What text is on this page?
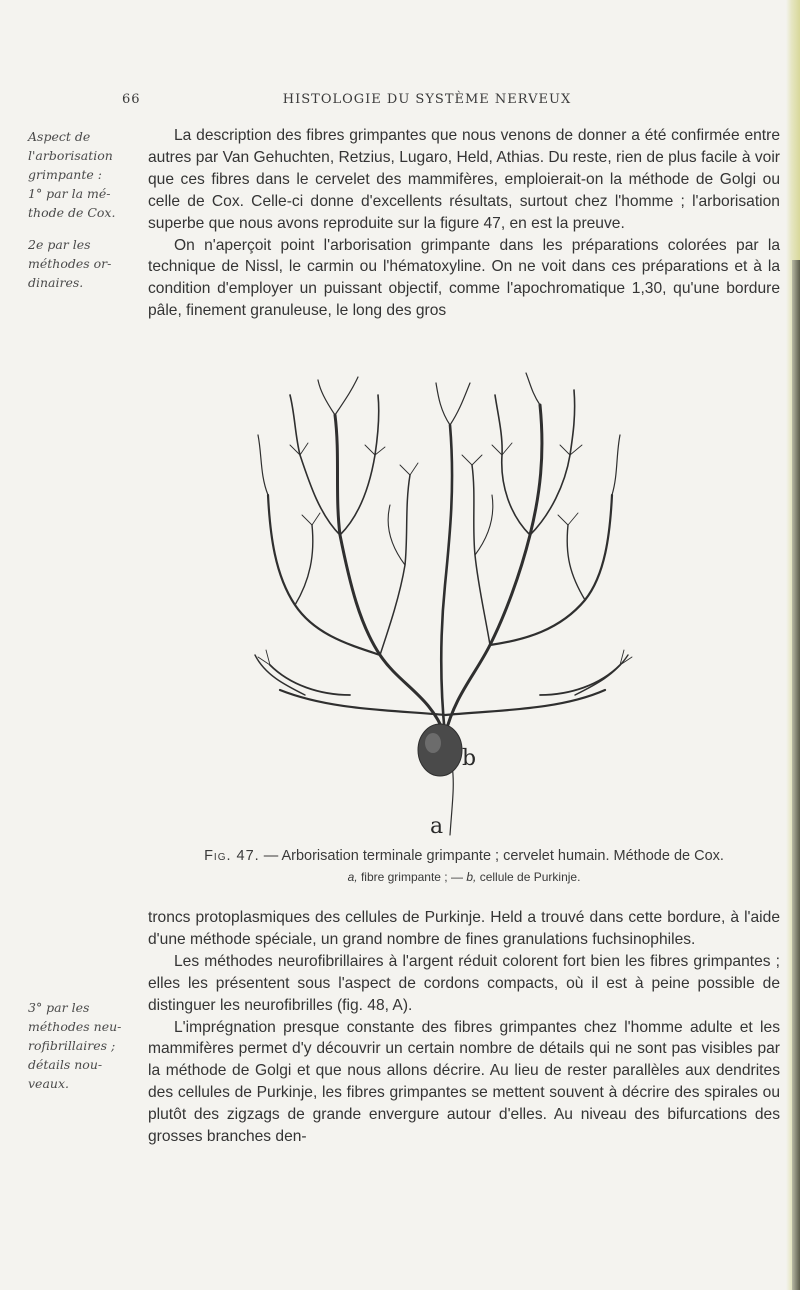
66	HISTOLOGIE DU SYSTÈME NERVEUX
Aspect de
l'arborisation
grimpante :
1° par la mé-
thode de Cox.
2e par les
méthodes or-
dinaires.
3° par les
méthodes neu-
rofibrillaires ;
détails nou-
veaux.

La description des fibres grimpantes que nous venons de donner a été confirmée entre autres par Van Gehuchten, Retzius, Lugaro, Held, Athias. Du reste, rien de plus facile à voir que ces fibres dans le cervelet des mammifères, emploierait-on la méthode de Golgi ou celle de Cox. Celle-ci donne d'excellents résultats, surtout chez l'homme ; l'arborisation superbe que nous avons reproduite sur la figure 47, en est la preuve.

On n'aperçoit point l'arborisation grimpante dans les préparations colorées par la technique de Nissl, le carmin ou l'hématoxyline. On ne voit dans ces préparations et à la condition d'employer un puissant objectif, comme l'apochromatique 1,30, qu'une bordure pâle, finement granuleuse, le long des gros

b
a
Fig. 47. — Arborisation terminale grimpante ; cervelet humain. Méthode de Cox.
a, fibre grimpante ; — b, cellule de Purkinje.

troncs protoplasmiques des cellules de Purkinje. Held a trouvé dans cette bordure, à l'aide d'une méthode spéciale, un grand nombre de fines granulations fuchsinophiles.

Les méthodes neurofibrillaires à l'argent réduit colorent fort bien les fibres grimpantes ; elles les présentent sous l'aspect de cordons compacts, où il est à peine possible de distinguer les neurofibrilles (fig. 48, A).

L'imprégnation presque constante des fibres grimpantes chez l'homme adulte et les mammifères permet d'y découvrir un certain nombre de détails qui ne sont pas visibles par la méthode de Golgi et que nous allons décrire. Au lieu de rester parallèles aux dendrites des cellules de Purkinje, les fibres grimpantes se mettent souvent à décrire des spirales ou plutôt des zigzags de grande envergure autour d'elles. Au niveau des bifurcations des grosses branches den-
